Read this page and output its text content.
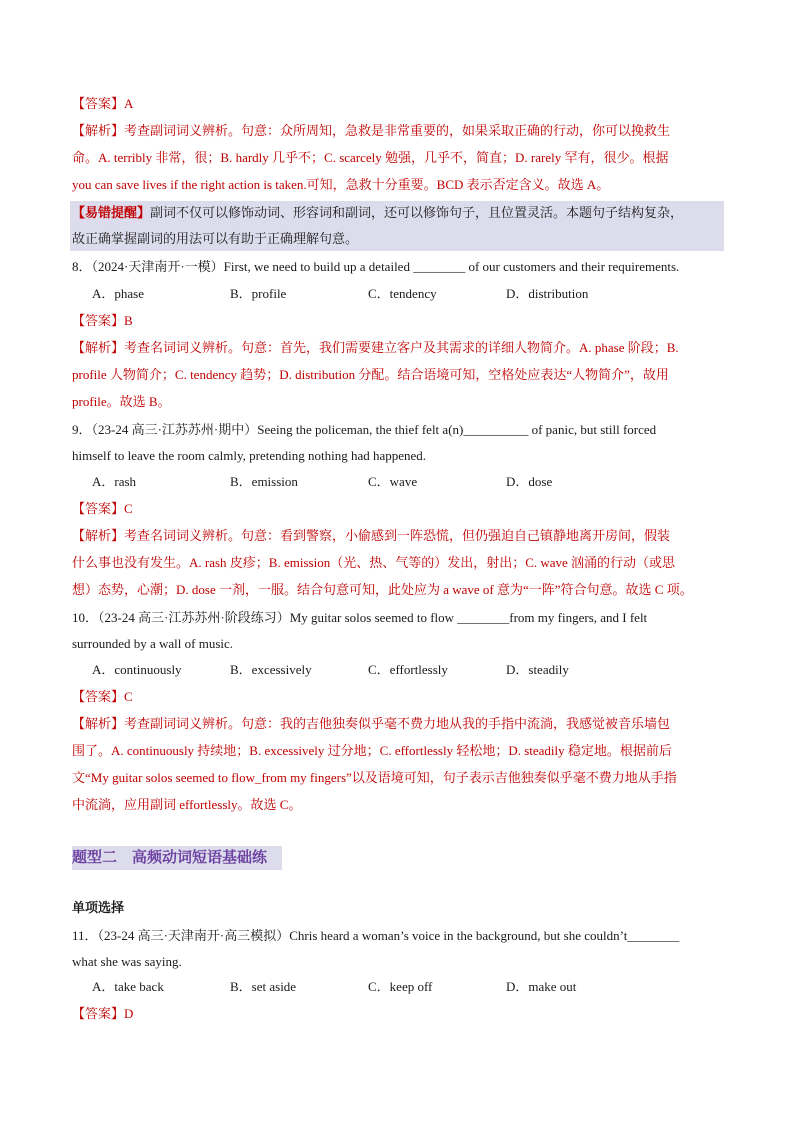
【答案】A
【解析】考查副词词义辨析。句意：众所周知，急救是非常重要的，如果采取正确的行动，你可以挽救生
命。A. terribly 非常，很；B. hardly 几乎不；C. scarcely 勉强，几乎不，简直；D. rarely 罕有，很少。根据
you can save lives if the right action is taken.可知，急救十分重要。BCD 表示否定含义。故选 A。
【易错提醒】副词不仅可以修饰动词、形容词和副词，还可以修饰句子，且位置灵活。本题句子结构复杂，
故正确掌握副词的用法可以有助于正确理解句意。
8．（2024·天津南开·一模）First, we need to build up a detailed ________ of our customers and their requirements.
A．phase	B．profile	C．tendency	D．distribution
【答案】B
【解析】考查名词词义辨析。句意：首先，我们需要建立客户及其需求的详细人物简介。A. phase 阶段；B.
profile 人物简介；C. tendency 趋势；D. distribution 分配。结合语境可知，空格处应表达“人物简介”，故用
profile。故选 B。
9．（23-24 高三·江苏苏州·期中）Seeing the policeman, the thief felt a(n)__________ of panic, but still forced
himself to leave the room calmly, pretending nothing had happened.
A．rash	B．emission	C．wave	D．dose
【答案】C
【解析】考查名词词义辨析。句意：看到警察，小偷感到一阵恐慌，但仍强迫自己镇静地离开房间，假装
什么事也没有发生。A. rash 皮疹；B. emission（光、热、气等的）发出，射出；C. wave 汹涌的行动（或思
想）态势，心潮；D. dose 一剂，一服。结合句意可知，此处应为 a wave of 意为“一阵”符合句意。故选 C 项。
10．（23-24 高三·江苏苏州·阶段练习）My guitar solos seemed to flow ________from my fingers, and I felt
surrounded by a wall of music.
A．continuously	B．excessively	C．effortlessly	D．steadily
【答案】C
【解析】考查副词词义辨析。句意：我的吉他独奏似乎毫不费力地从我的手指中流淌，我感觉被音乐墙包
围了。A. continuously 持续地；B. excessively 过分地；C. effortlessly 轻松地；D. steadily 稳定地。根据前后
文“My guitar solos seemed to flow_from my fingers”以及语境可知，句子表示吉他独奏似乎毫不费力地从手指
中流淌，应用副词 effortlessly。故选 C。
题型二　高频动词短语基础练
单项选择
11．（23-24 高三·天津南开·高三模拟）Chris heard a woman’s voice in the background, but she couldn’t________
what she was saying.
A．take back	B．set aside	C．keep off	D．make out
【答案】D
